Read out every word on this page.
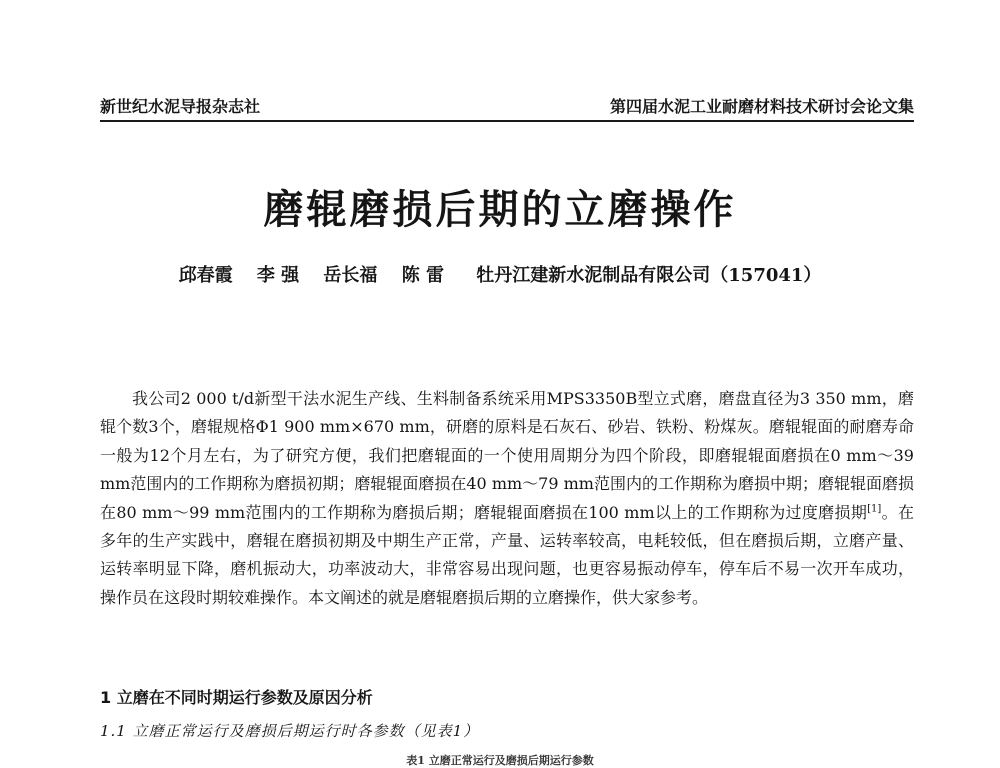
新世纪水泥导报杂志社	第四届水泥工业耐磨材料技术研讨会论文集
磨辊磨损后期的立磨操作
邱春霞 李 强 岳长福 陈 雷 牡丹江建新水泥制品有限公司（157041）
我公司2 000 t/d新型干法水泥生产线、生料制备系统采用MPS3350B型立式磨，磨盘直径为3 350 mm，磨辊个数3个，磨辊规格Φ1 900 mm×670 mm，研磨的原料是石灰石、砂岩、铁粉、粉煤灰。磨辊辊面的耐磨寿命一般为12个月左右，为了研究方便，我们把磨辊面的一个使用周期分为四个阶段，即磨辊辊面磨损在0 mm～39 mm范围内的工作期称为磨损初期；磨辊辊面磨损在40 mm～79 mm范围内的工作期称为磨损中期；磨辊辊面磨损在80 mm～99 mm范围内的工作期称为磨损后期；磨辊辊面磨损在100 mm以上的工作期称为过度磨损期[1]。在多年的生产实践中，磨辊在磨损初期及中期生产正常，产量、运转率较高，电耗较低，但在磨损后期，立磨产量、运转率明显下降，磨机振动大，功率波动大，非常容易出现问题，也更容易振动停车，停车后不易一次开车成功，操作员在这段时期较难操作。本文阐述的就是磨辊磨损后期的立磨操作，供大家参考。
1 立磨在不同时期运行参数及原因分析
1.1 立磨正常运行及磨损后期运行时各参数（见表1）
表1 立磨正常运行及磨损后期运行参数
